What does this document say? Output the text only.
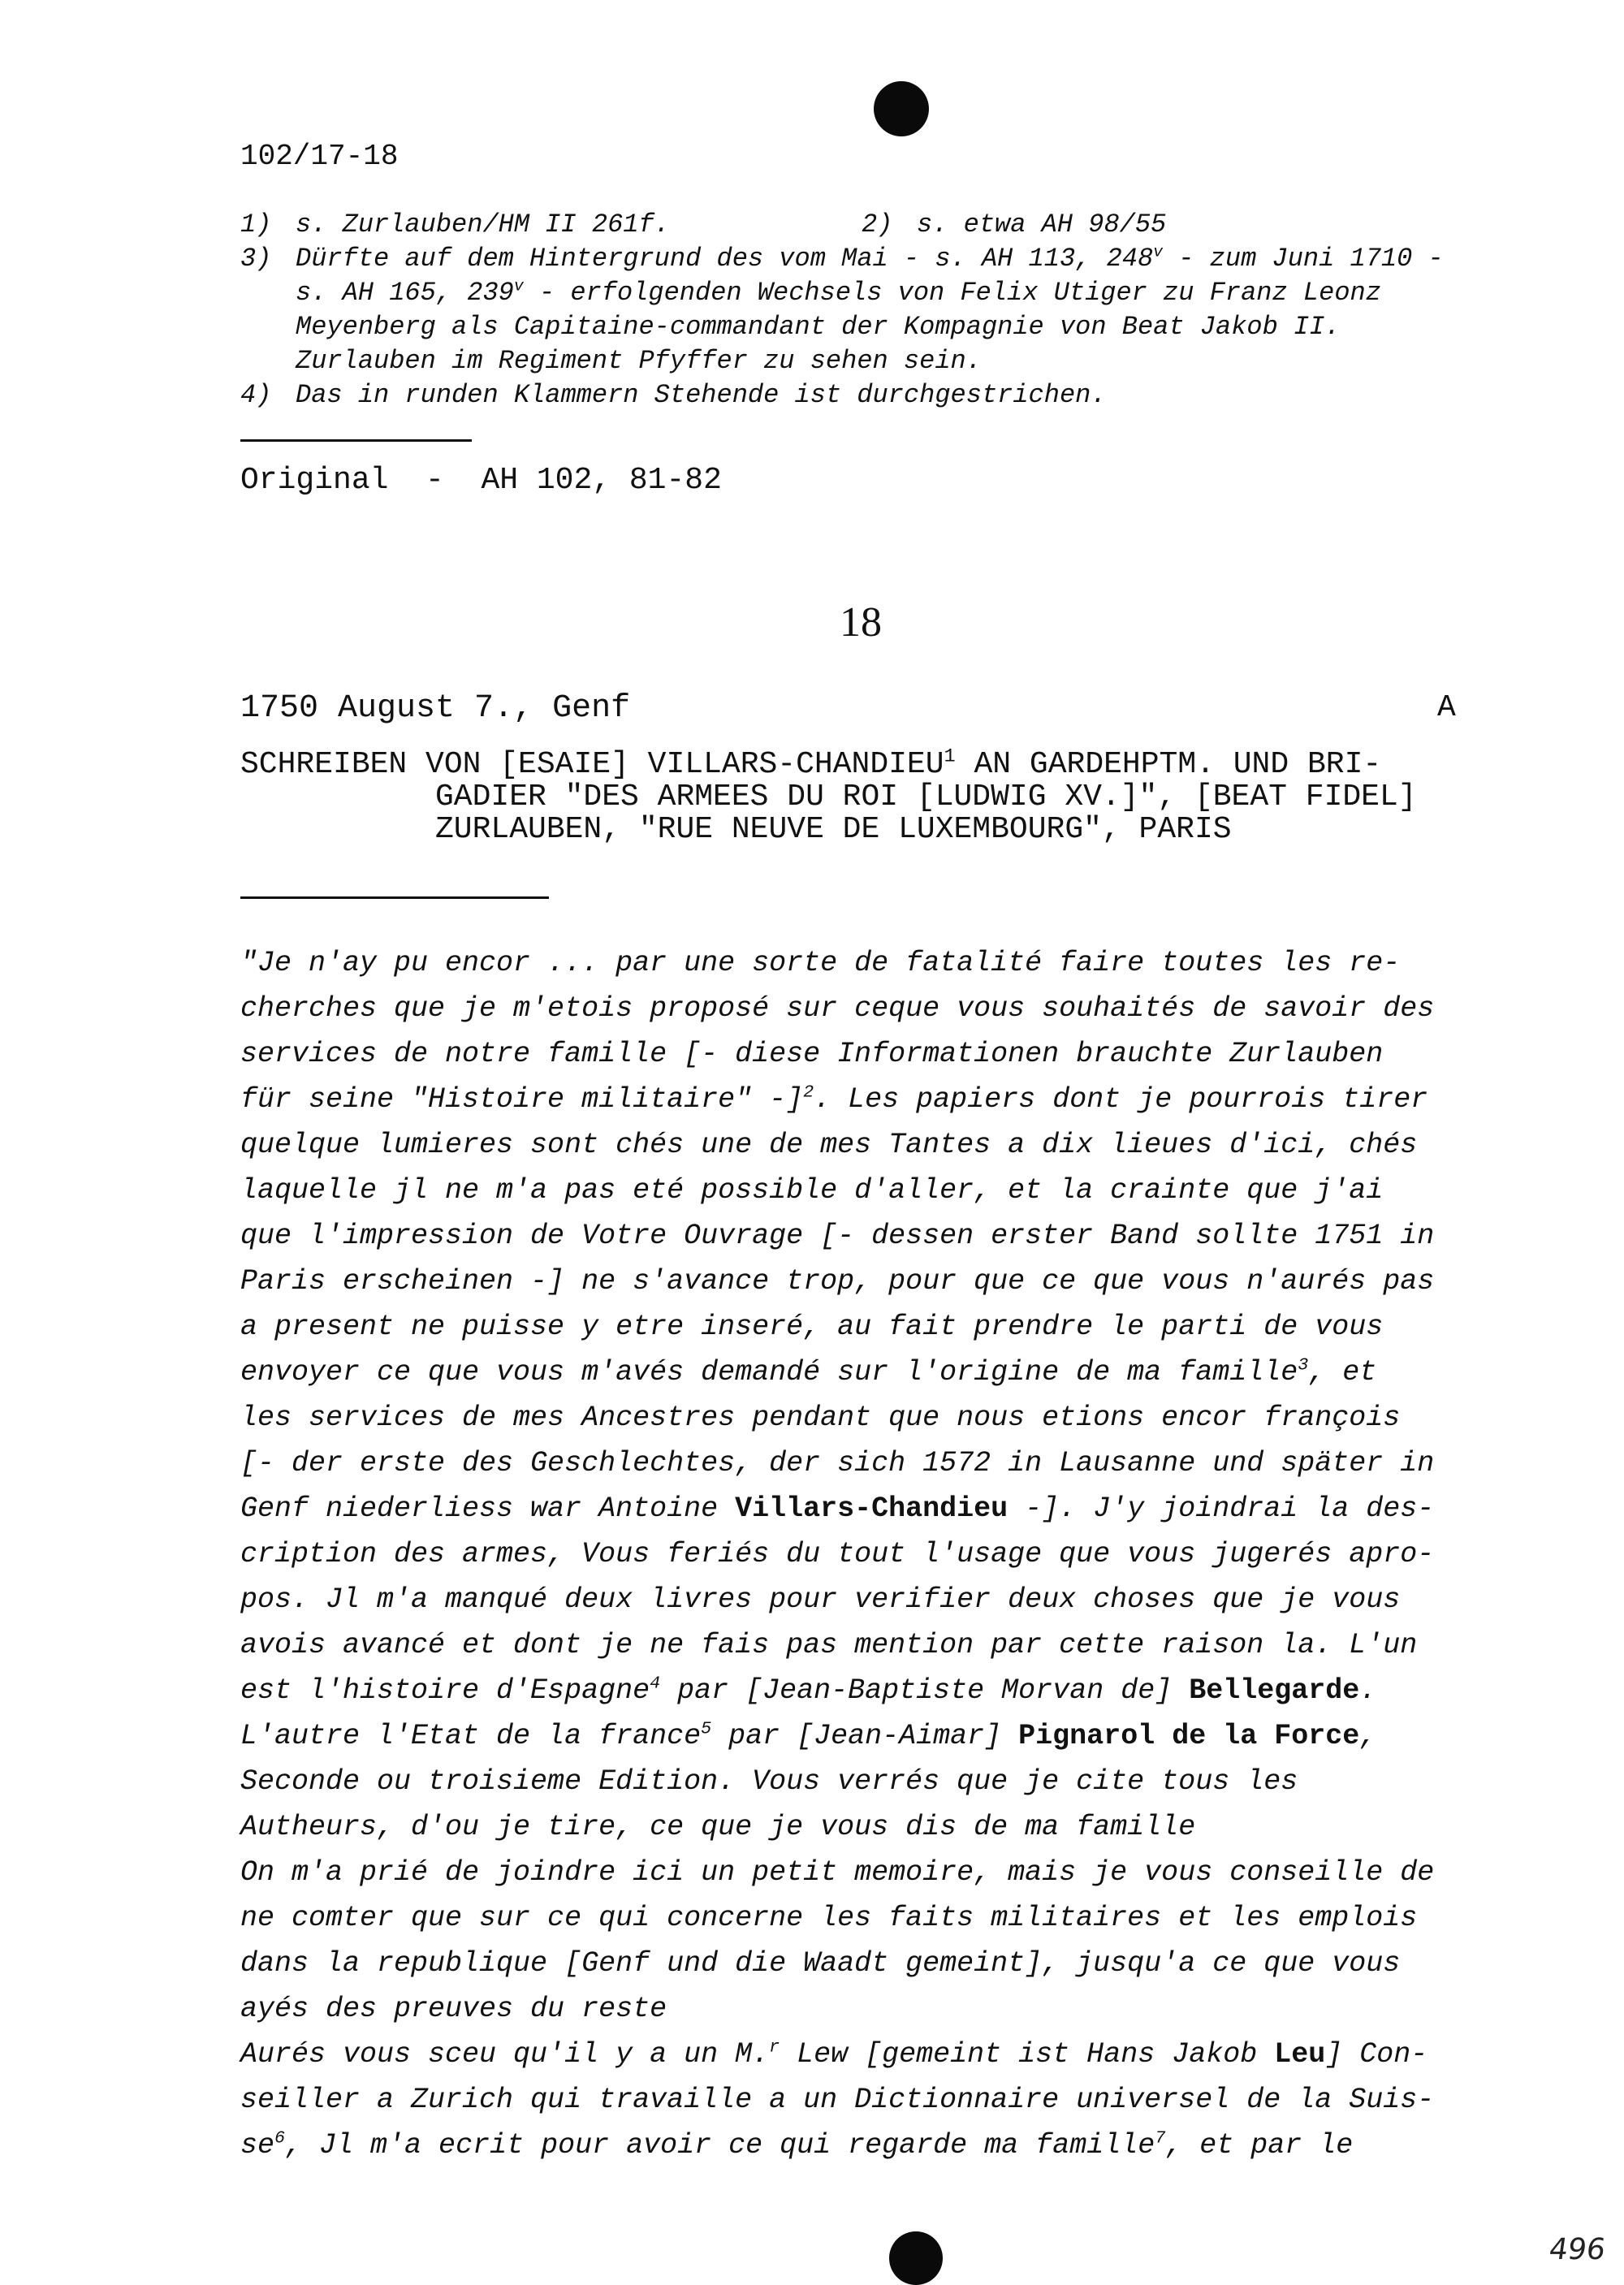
102/17-18
1) s. Zurlauben/HM II 261f.	2) s. etwa AH 98/55
3) Dürfte auf dem Hintergrund des vom Mai - s. AH 113, 248$^v$ - zum Juni 1710 - s. AH 165, 239$^v$ - erfolgenden Wechsels von Felix Utiger zu Franz Leonz Meyenberg als Capitaine-commandant der Kompagnie von Beat Jakob II. Zurlauben im Regiment Pfyffer zu sehen sein.
4) Das in runden Klammern Stehende ist durchgestrichen.
Original  -  AH 102, 81-82
18
1750 August 7., Genf	A
SCHREIBEN VON [ESAIE] VILLARS-CHANDIEU$^1$ AN GARDEHPTM. UND BRI-
GADIER "DES ARMEES DU ROI [LUDWIG XV.]", [BEAT FIDEL]
ZURLAUBEN, "RUE NEUVE DE LUXEMBOURG", PARIS
"Je n'ay pu encor ... par une sorte de fatalité faire toutes les re-
cherches que je m'etois proposé sur ceque vous souhaités de savoir des
services de notre famille [- diese Informationen brauchte Zurlauben
für seine "Histoire militaire" -]$^2$. Les papiers dont je pourrois tirer
quelque lumieres sont chés une de mes Tantes a dix lieues d'ici, chés
laquelle jl ne m'a pas eté possible d'aller, et la crainte que j'ai
que l'impression de Votre Ouvrage [- dessen erster Band sollte 1751 in
Paris erscheinen -] ne s'avance trop, pour que ce que vous n'aurés pas
a present ne puisse y etre inseré, au fait prendre le parti de vous
envoyer ce que vous m'avés demandé sur l'origine de ma famille$^3$, et
les services de mes Ancestres pendant que nous etions encor françois
[- der erste des Geschlechtes, der sich 1572 in Lausanne und später in
Genf niederliess war Antoine Villars-Chandieu -]. J'y joindrai la des-
cription des armes, Vous feriés du tout l'usage que vous jugerés apro-
pos. Jl m'a manqué deux livres pour verifier deux choses que je vous
avois avancé et dont je ne fais pas mention par cette raison la. L'un
est l'histoire d'Espagne$^4$ par [Jean-Baptiste Morvan de] Bellegarde.
L'autre l'Etat de la france$^5$ par [Jean-Aimar] Pignarol de la Force,
Seconde ou troisieme Edition. Vous verrés que je cite tous les
Autheurs, d'ou je tire, ce que je vous dis de ma famille
On m'a prié de joindre ici un petit memoire, mais je vous conseille de
ne comter que sur ce qui concerne les faits militaires et les emplois
dans la republique [Genf und die Waadt gemeint], jusqu'a ce que vous
ayés des preuves du reste
Aurés vous sceu qu'il y a un M.$^r$ Lew [gemeint ist Hans Jakob Leu] Con-
seiller a Zurich qui travaille a un Dictionnaire universel de la Suis-
$se^6$, Jl m'a ecrit pour avoir ce qui regarde ma famille$^7$, et par le
496
